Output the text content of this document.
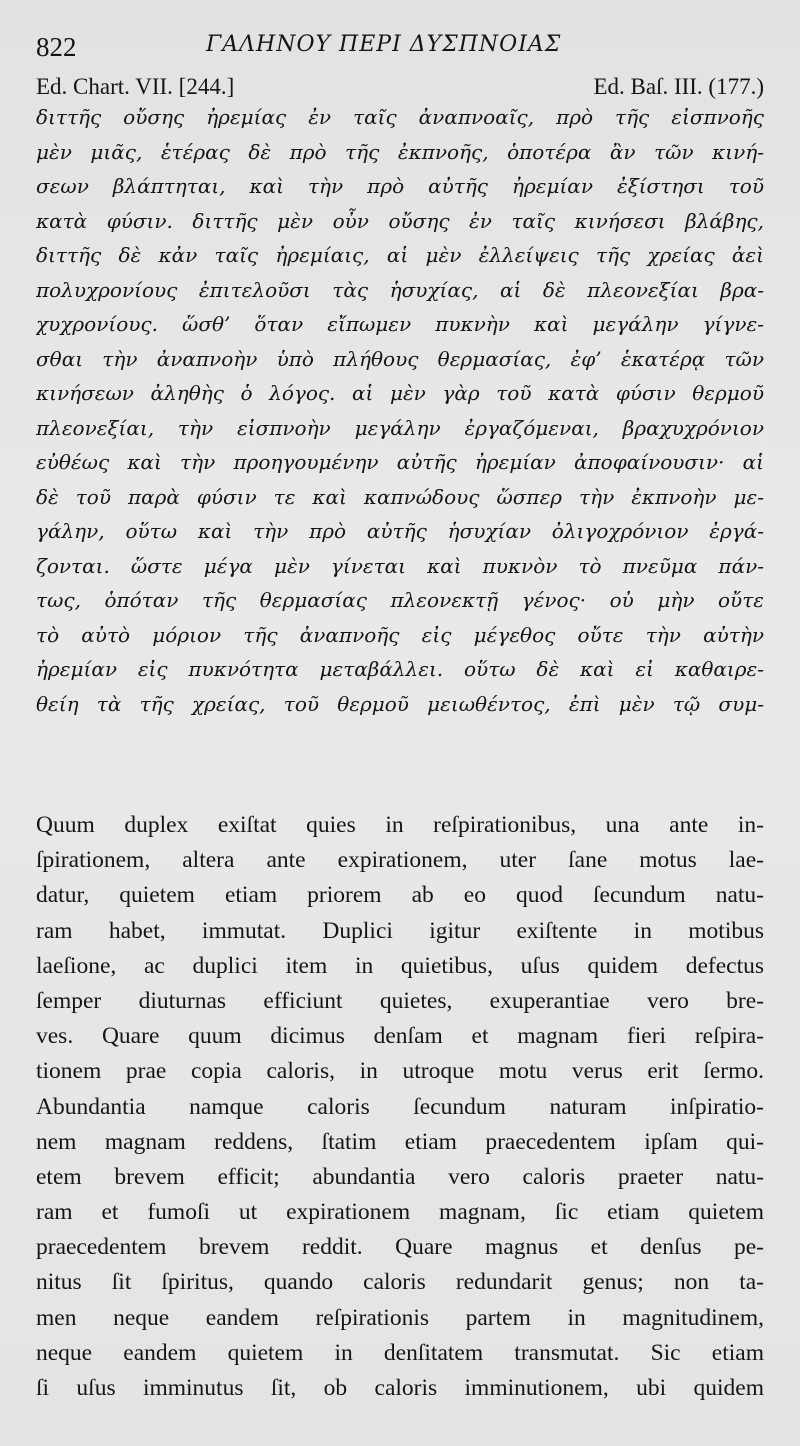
822	ΓΑΛΗΝΟΥ ΠΕΡΙ ΔΥΣΠΝΟΙΑΣ
Ed. Chart. VII. [244.]	Ed. Baſ. III. (177.)
διττῆς οὔσης ἠρεμίας ἐν ταῖς ἀναπνοαῖς, πρὸ τῆς εἰσπνοῆς
μὲν μιᾶς, ἑτέρας δὲ πρὸ τῆς ἐκπνοῆς, ὁποτέρα ἂν τῶν κινή-
σεων βλάπτηται, καὶ τὴν πρὸ αὐτῆς ἠρεμίαν ἐξίστησι τοῦ
κατὰ φύσιν. διττῆς μὲν οὖν οὔσης ἐν ταῖς κινήσεσι βλάβης,
διττῆς δὲ κἀν ταῖς ἠρεμίαις, αἱ μὲν ἐλλείψεις τῆς χρείας ἀεὶ
πολυχρονίους ἐπιτελοῦσι τὰς ἡσυχίας, αἱ δὲ πλεονεξίαι βρα-
χυχρονίους. ὥσθ’ ὅταν εἴπωμεν πυκνὴν καὶ μεγάλην γίγνε-
σθαι τὴν ἀναπνοὴν ὑπὸ πλήθους θερμασίας, ἐφ’ ἑκατέρᾳ τῶν
κινήσεων ἀληθὴς ὁ λόγος. αἱ μὲν γὰρ τοῦ κατὰ φύσιν θερμοῦ
πλεονεξίαι, τὴν εἰσπνοὴν μεγάλην ἐργαζόμεναι, βραχυχρόνιον
εὐθέως καὶ τὴν προηγουμένην αὐτῆς ἠρεμίαν ἀποφαίνουσιν· αἱ
δὲ τοῦ παρὰ φύσιν τε καὶ καπνώδους ὥσπερ τὴν ἐκπνοὴν με-
γάλην, οὕτω καὶ τὴν πρὸ αὐτῆς ἡσυχίαν ὀλιγοχρόνιον ἐργά-
ζονται. ὥστε μέγα μὲν γίνεται καὶ πυκνὸν τὸ πνεῦμα πάν-
τως, ὁπόταν τῆς θερμασίας πλεονεκτῇ γένος· οὐ μὴν οὔτε
τὸ αὐτὸ μόριον τῆς ἀναπνοῆς εἰς μέγεθος οὔτε τὴν αὐτὴν
ἠρεμίαν εἰς πυκνότητα μεταβάλλει. οὕτω δὲ καὶ εἰ καθαιρε-
θείη τὰ τῆς χρείας, τοῦ θερμοῦ μειωθέντος, ἐπὶ μὲν τῷ συμ-
Quum duplex exiſtat quies in reſpirationibus, una ante in-
ſpirationem, altera ante expirationem, uter ſane motus lae-
datur, quietem etiam priorem ab eo quod ſecundum natu-
ram habet, immutat. Duplici igitur exiſtente in motibus
laeſione, ac duplici item in quietibus, uſus quidem defectus
ſemper diuturnas efficiunt quietes, exuperantiae vero bre-
ves. Quare quum dicimus denſam et magnam fieri reſpira-
tionem prae copia caloris, in utroque motu verus erit ſermo.
Abundantia namque caloris ſecundum naturam inſpiratio-
nem magnam reddens, ſtatim etiam praecedentem ipſam qui-
etem brevem efficit; abundantia vero caloris praeter natu-
ram et fumoſi ut expirationem magnam, ſic etiam quietem
praecedentem brevem reddit. Quare magnus et denſus pe-
nitus ſit ſpiritus, quando caloris redundarit genus; non ta-
men neque eandem reſpirationis partem in magnitudinem,
neque eandem quietem in denſitatem transmutat. Sic etiam
ſi uſus imminutus ſit, ob caloris imminutionem, ubi quidem
